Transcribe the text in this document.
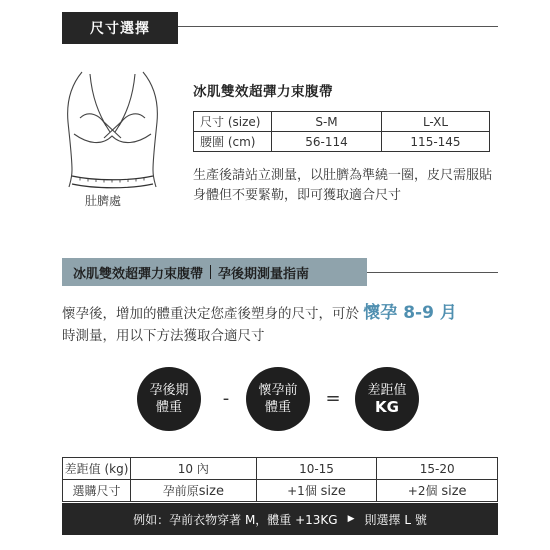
尺寸選擇
肚臍處
冰肌雙效超彈力束腹帶
尺寸 (size)	S-M	L-XL
腰圍 (cm)	56-114	115-145
生產後請站立測量，以肚臍為準繞一圈，皮尺需服貼身體但不要緊勒，即可獲取適合尺寸
冰肌雙效超彈力束腹帶 孕後期測量指南
懷孕後，增加的體重決定您產後塑身的尺寸，可於 懷孕 8-9 月
時測量，用以下方法獲取合適尺寸
孕後期
體重	-	懷孕前
體重 = 差距值
KG
差距值 (kg)	10 內	10-15	15-20
選購尺寸	孕前原size	+1個 size	+2個 size
例如：孕前衣物穿著 M，體重 +13KG ▶ 則選擇 L 號
